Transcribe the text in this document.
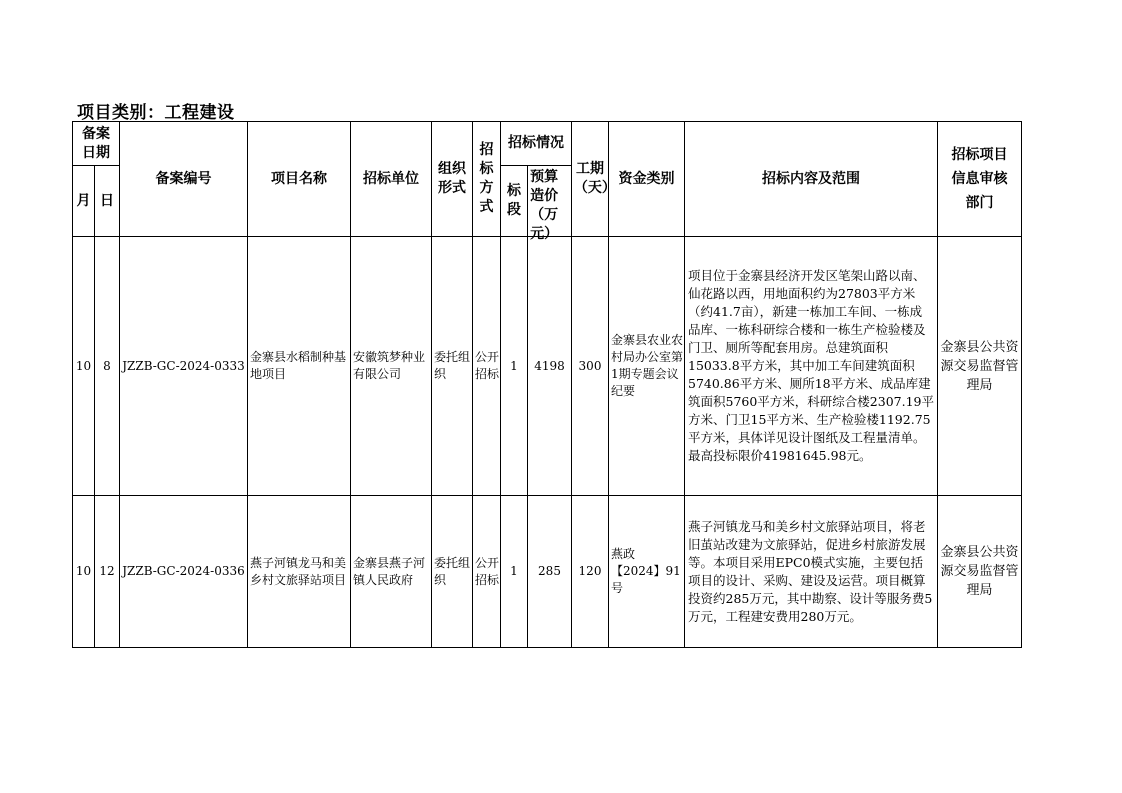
项目类别：工程建设
备案日期		备案编号	项目名称	招标单位	组织形式	招标方式	招标情况		工期（天）	资金类别	招标内容及范围	招标项目信息审核部门
月	日						标段	预算造价（万元）				

10	8	JZZB-GC-2024-0333	金寨县水稻制种基地项目	安徽筑梦种业有限公司	委托组织	公开招标	1	4198	300	金寨县农业农村局办公室第1期专题会议纪要	项目位于金寨县经济开发区笔架山路以南、仙花路以西，用地面积约为27803平方米（约41.7亩），新建一栋加工车间、一栋成品库、一栋科研综合楼和一栋生产检验楼及门卫、厕所等配套用房。总建筑面积15033.8平方米，其中加工车间建筑面积5740.86平方米、厕所18平方米、成品库建筑面积5760平方米，科研综合楼2307.19平方米、门卫15平方米、生产检验楼1192.75平方米，具体详见设计图纸及工程量清单。最高投标限价41981645.98元。	金寨县公共资源交易监督管理局
10	12	JZZB-GC-2024-0336	燕子河镇龙马和美乡村文旅驿站项目	金寨县燕子河镇人民政府	委托组织	公开招标	1	285	120	燕政【2024】91号	燕子河镇龙马和美乡村文旅驿站项目，将老旧茧站改建为文旅驿站，促进乡村旅游发展等。本项目采用EPC0模式实施，主要包括项目的设计、采购、建设及运营。项目概算投资约285万元，其中勘察、设计等服务费5万元，工程建安费用280万元。	金寨县公共资源交易监督管理局
